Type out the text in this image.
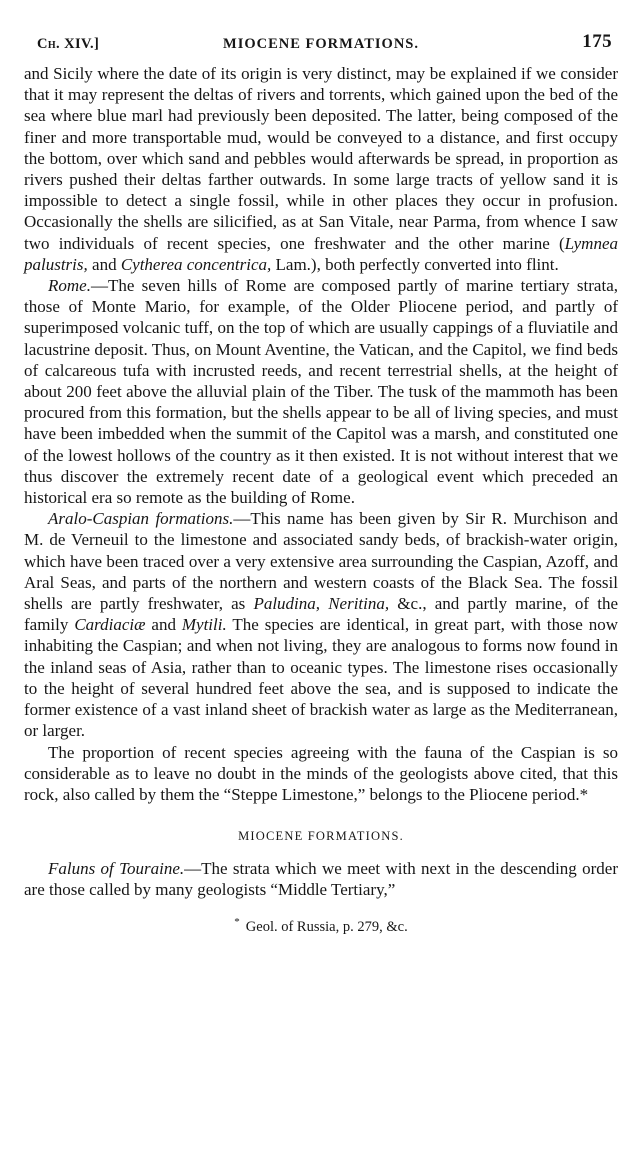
Ch. XIV.]	MIOCENE FORMATIONS.	175

and Sicily where the date of its origin is very distinct, may be explained if we consider that it may represent the deltas of rivers and torrents, which gained upon the bed of the sea where blue marl had previously been deposited. The latter, being composed of the finer and more transportable mud, would be conveyed to a distance, and first occupy the bottom, over which sand and pebbles would afterwards be spread, in proportion as rivers pushed their deltas farther outwards. In some large tracts of yellow sand it is impossible to detect a single fossil, while in other places they occur in profusion. Occasionally the shells are silicified, as at San Vitale, near Parma, from whence I saw two individuals of recent species, one freshwater and the other marine (Lymnea palustris, and Cytherea concentrica, Lam.), both perfectly converted into flint.

Rome.—The seven hills of Rome are composed partly of marine tertiary strata, those of Monte Mario, for example, of the Older Pliocene period, and partly of superimposed volcanic tuff, on the top of which are usually cappings of a fluviatile and lacustrine deposit. Thus, on Mount Aventine, the Vatican, and the Capitol, we find beds of calcareous tufa with incrusted reeds, and recent terrestrial shells, at the height of about 200 feet above the alluvial plain of the Tiber. The tusk of the mammoth has been procured from this formation, but the shells appear to be all of living species, and must have been imbedded when the summit of the Capitol was a marsh, and constituted one of the lowest hollows of the country as it then existed. It is not without interest that we thus discover the extremely recent date of a geological event which preceded an historical era so remote as the building of Rome.

Aralo-Caspian formations.—This name has been given by Sir R. Murchison and M. de Verneuil to the limestone and associated sandy beds, of brackish-water origin, which have been traced over a very extensive area surrounding the Caspian, Azoff, and Aral Seas, and parts of the northern and western coasts of the Black Sea. The fossil shells are partly freshwater, as Paludina, Neritina, &c., and partly marine, of the family Cardiaciæ and Mytili. The species are identical, in great part, with those now inhabiting the Caspian; and when not living, they are analogous to forms now found in the inland seas of Asia, rather than to oceanic types. The limestone rises occasionally to the height of several hundred feet above the sea, and is supposed to indicate the former existence of a vast inland sheet of brackish water as large as the Mediterranean, or larger.

The proportion of recent species agreeing with the fauna of the Caspian is so considerable as to leave no doubt in the minds of the geologists above cited, that this rock, also called by them the “Steppe Limestone,” belongs to the Pliocene period.*

MIOCENE FORMATIONS.

Faluns of Touraine.—The strata which we meet with next in the descending order are those called by many geologists “Middle Tertiary,”

* Geol. of Russia, p. 279, &c.
